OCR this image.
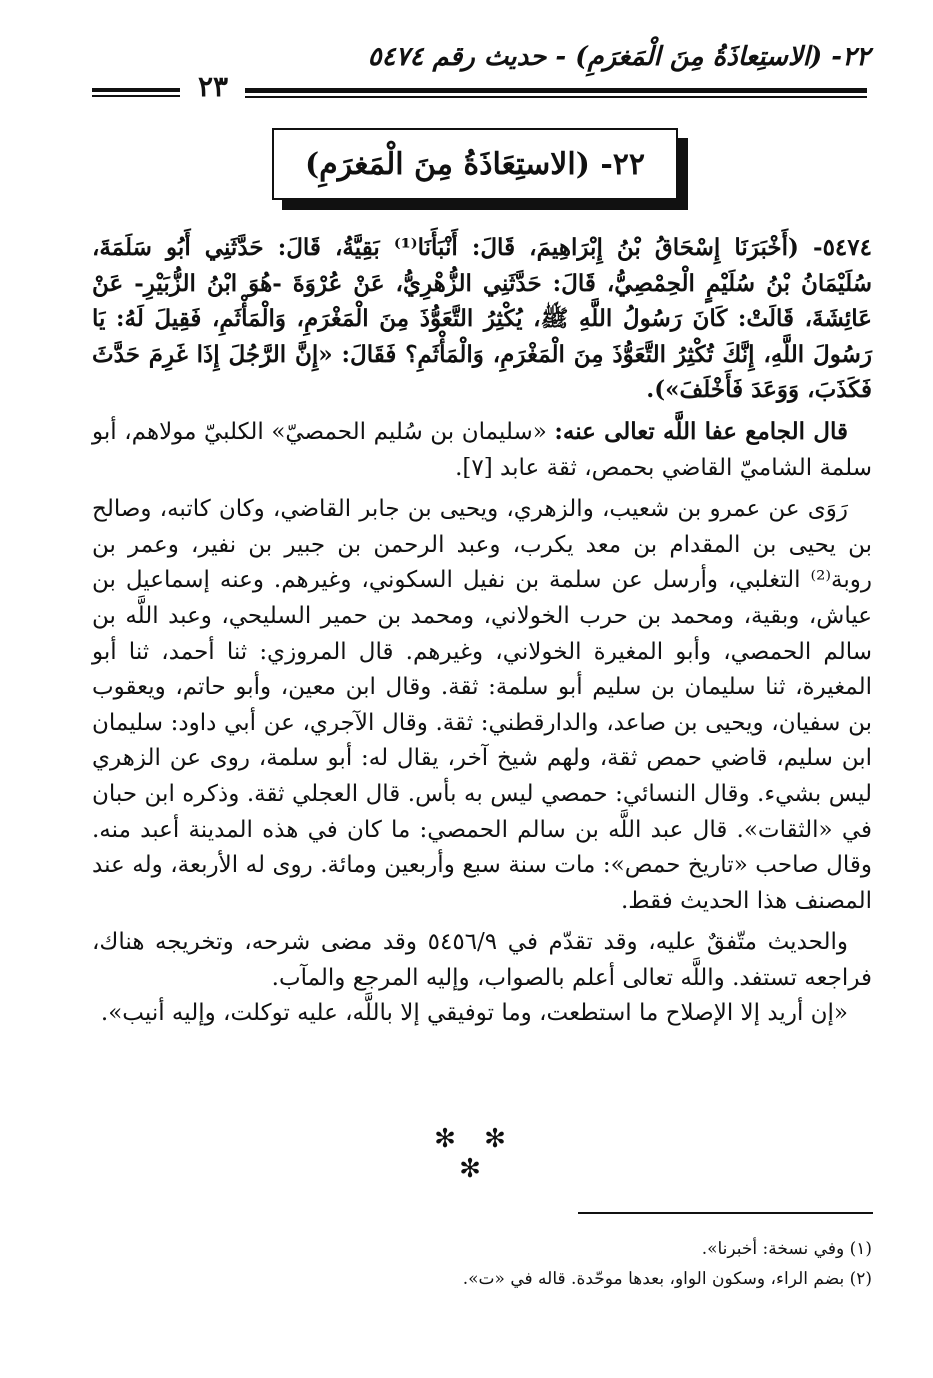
٢٢- (الاستِعاذَةُ مِنَ الْمَغرَمِ) - حديث رقم ٥٤٧٤
٢٣
٢٢- (الاستِعَاذَةُ مِنَ الْمَغرَمِ)

٥٤٧٤- (أَخْبَرَنَا إِسْحَاقُ بْنُ إِبْرَاهِيمَ، قَالَ: أَنْبَأَنَا⁽¹⁾ بَقِيَّةُ، قَالَ: حَدَّثَنِي أَبُو سَلَمَةَ، سُلَيْمَانُ بْنُ سُلَيْمٍ الْحِمْصِيُّ، قَالَ: حَدَّثَنِي الزُّهْرِيُّ، عَنْ عُرْوَةَ -هُوَ ابْنُ الزُّبَيْرِ- عَنْ عَائِشَةَ، قَالَتْ: كَانَ رَسُولُ اللَّهِ ﷺ، يُكْثِرُ التَّعَوُّذَ مِنَ الْمَغْرَمِ، وَالْمَأْثَمِ، فَقِيلَ لَهُ: يَا رَسُولَ اللَّهِ، إِنَّكَ تُكْثِرُ التَّعَوُّذَ مِنَ الْمَغْرَمِ، وَالْمَأْثَمِ؟ فَقَالَ: «إِنَّ الرَّجُلَ إِذَا غَرِمَ حَدَّثَ فَكَذَبَ، وَوَعَدَ فَأَخْلَفَ»).

قال الجامع عفا اللَّه تعالى عنه: «سليمان بن سُليم الحمصيّ» الكلبيّ مولاهم، أبو سلمة الشاميّ القاضي بحمص، ثقة عابد [٧].

رَوَى عن عمرو بن شعيب، والزهري، ويحيى بن جابر القاضي، وكان كاتبه، وصالح بن يحيى بن المقدام بن معد يكرب، وعبد الرحمن بن جبير بن نفير، وعمر بن روبة⁽²⁾ التغلبي، وأرسل عن سلمة بن نفيل السكوني، وغيرهم. وعنه إسماعيل بن عياش، وبقية، ومحمد بن حرب الخولاني، ومحمد بن حمير السليحي، وعبد اللَّه بن سالم الحمصي، وأبو المغيرة الخولاني، وغيرهم. قال المروزي: ثنا أحمد، ثنا أبو المغيرة، ثنا سليمان بن سليم أبو سلمة: ثقة. وقال ابن معين، وأبو حاتم، ويعقوب بن سفيان، ويحيى بن صاعد، والدارقطني: ثقة. وقال الآجري، عن أبي داود: سليمان ابن سليم، قاضي حمص ثقة، ولهم شيخ آخر، يقال له: أبو سلمة، روى عن الزهري ليس بشيء. وقال النسائي: حمصي ليس به بأس. قال العجلي ثقة. وذكره ابن حبان في «الثقات». قال عبد اللَّه بن سالم الحمصي: ما كان في هذه المدينة أعبد منه. وقال صاحب «تاريخ حمص»: مات سنة سبع وأربعين ومائة. روى له الأربعة، وله عند المصنف هذا الحديث فقط.

والحديث متّفقٌ عليه، وقد تقدّم في ٥٤٥٦/٩ وقد مضى شرحه، وتخريجه هناك، فراجعه تستفد. واللَّه تعالى أعلم بالصواب، وإليه المرجع والمآب.

«إن أريد إلا الإصلاح ما استطعت، وما توفيقي إلا باللَّه، عليه توكلت، وإليه أنيب».

✻ ✻ ✻

(١) وفي نسخة: أخبرنا».

(٢) بضم الراء، وسكون الواو، بعدها موحّدة. قاله في «ت».
